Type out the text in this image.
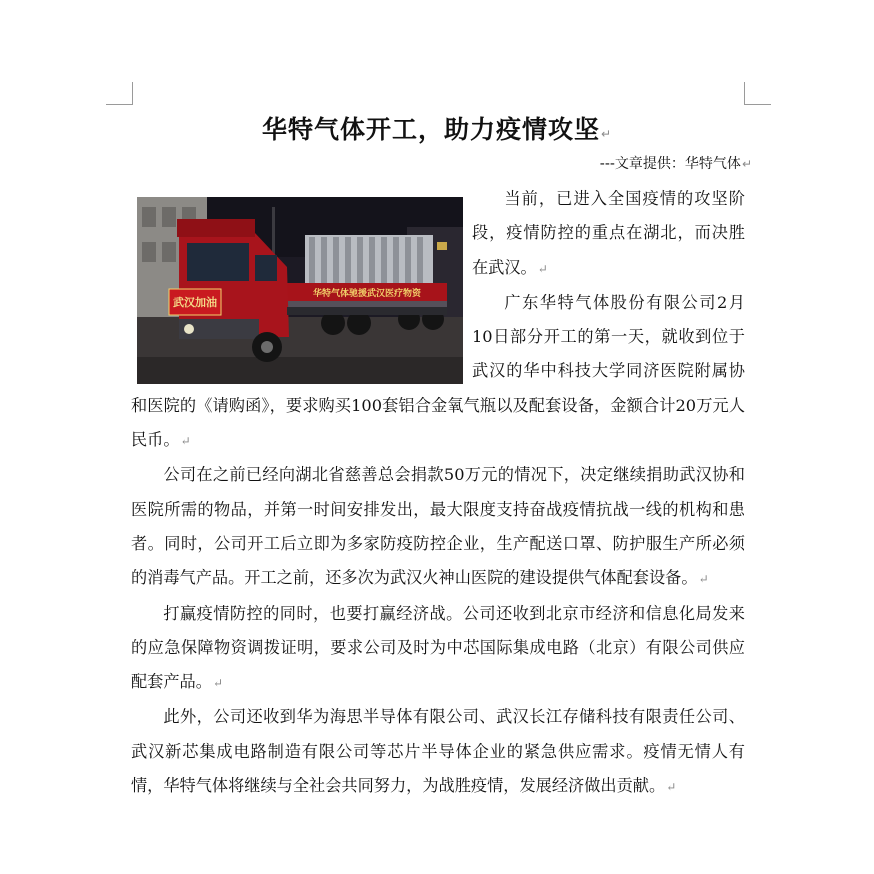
华特气体开工，助力疫情攻坚↵
---文章提供：华特气体↵
华特气体驰援武汉医疗物资
武汉加油

当前，已进入全国疫情的攻坚阶段，疫情防控的重点在湖北，而决胜在武汉。↵

广东华特气体股份有限公司2月10日部分开工的第一天，就收到位于武汉的华中科技大学同济医院附属协和医院的《请购函》，要求购买100套铝合金氧气瓶以及配套设备，金额合计20万元人民币。↵

公司在之前已经向湖北省慈善总会捐款50万元的情况下，决定继续捐助武汉协和医院所需的物品，并第一时间安排发出，最大限度支持奋战疫情抗战一线的机构和患者。同时，公司开工后立即为多家防疫防控企业，生产配送口罩、防护服生产所必须的消毒气产品。开工之前，还多次为武汉火神山医院的建设提供气体配套设备。↵

打赢疫情防控的同时，也要打赢经济战。公司还收到北京市经济和信息化局发来的应急保障物资调拨证明，要求公司及时为中芯国际集成电路（北京）有限公司供应配套产品。↵

此外，公司还收到华为海思半导体有限公司、武汉长江存储科技有限责任公司、武汉新芯集成电路制造有限公司等芯片半导体企业的紧急供应需求。疫情无情人有情，华特气体将继续与全社会共同努力，为战胜疫情，发展经济做出贡献。↵
